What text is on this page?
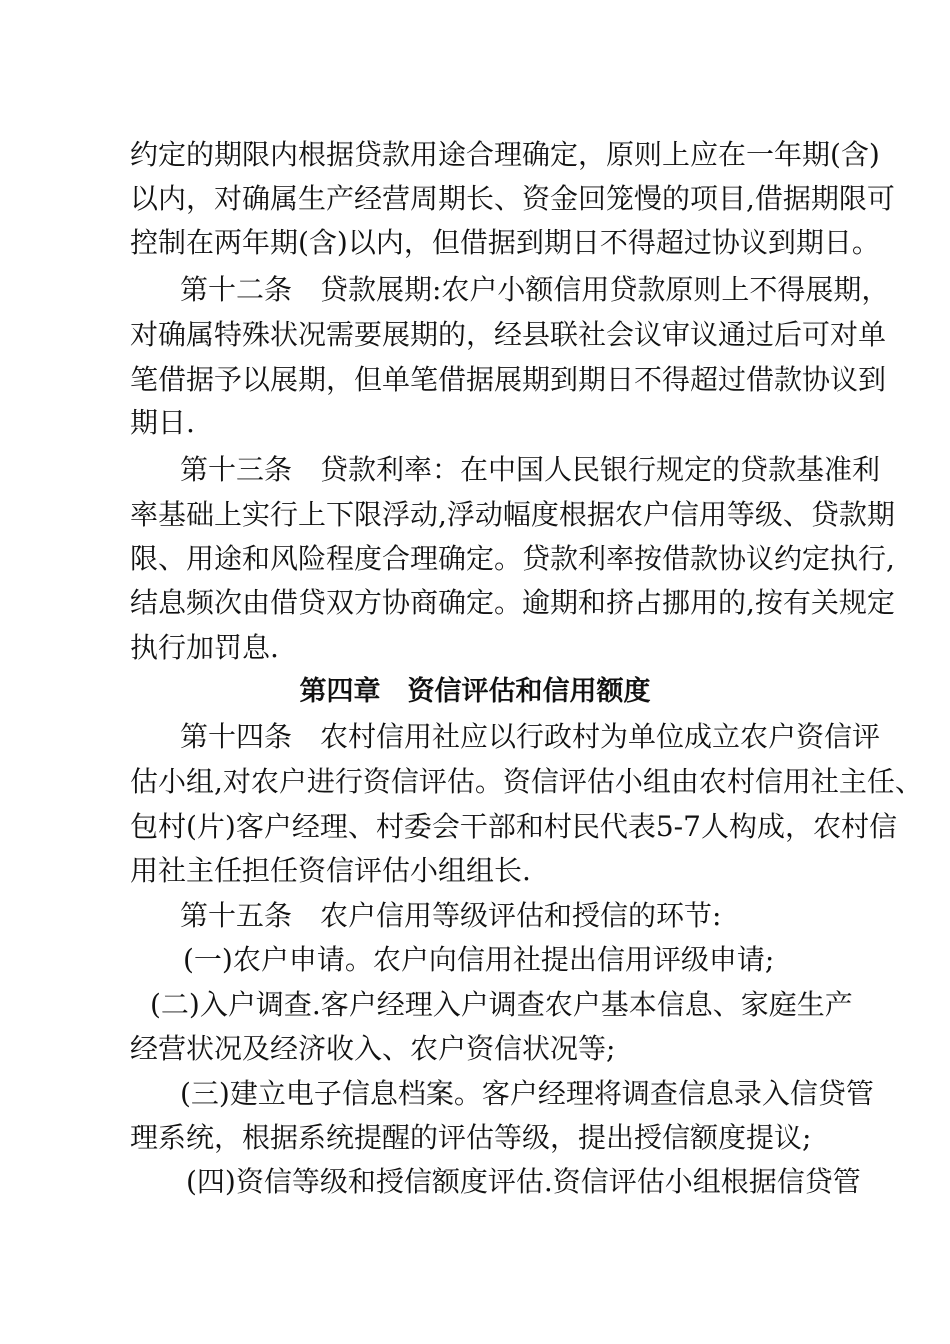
约定的期限内根据贷款用途合理确定，原则上应在一年期(含)
以内，对确属生产经营周期长、资金回笼慢的项目,借据期限可
控制在两年期(含)以内，但借据到期日不得超过协议到期日。
第十二条　贷款展期:农户小额信用贷款原则上不得展期，
对确属特殊状况需要展期的，经县联社会议审议通过后可对单
笔借据予以展期，但单笔借据展期到期日不得超过借款协议到
期日.
第十三条　贷款利率：在中国人民银行规定的贷款基准利
率基础上实行上下限浮动,浮动幅度根据农户信用等级、贷款期
限、用途和风险程度合理确定。贷款利率按借款协议约定执行,
结息频次由借贷双方协商确定。逾期和挤占挪用的,按有关规定
执行加罚息.
第四章　资信评估和信用额度
第十四条　农村信用社应以行政村为单位成立农户资信评
估小组,对农户进行资信评估。资信评估小组由农村信用社主任、
包村(片)客户经理、村委会干部和村民代表5-7人构成，农村信
用社主任担任资信评估小组组长.
第十五条　农户信用等级评估和授信的环节:
(一)农户申请。农户向信用社提出信用评级申请;
(二)入户调查.客户经理入户调查农户基本信息、家庭生产
经营状况及经济收入、农户资信状况等;
(三)建立电子信息档案。客户经理将调查信息录入信贷管
理系统，根据系统提醒的评估等级，提出授信额度提议;
(四)资信等级和授信额度评估.资信评估小组根据信贷管
